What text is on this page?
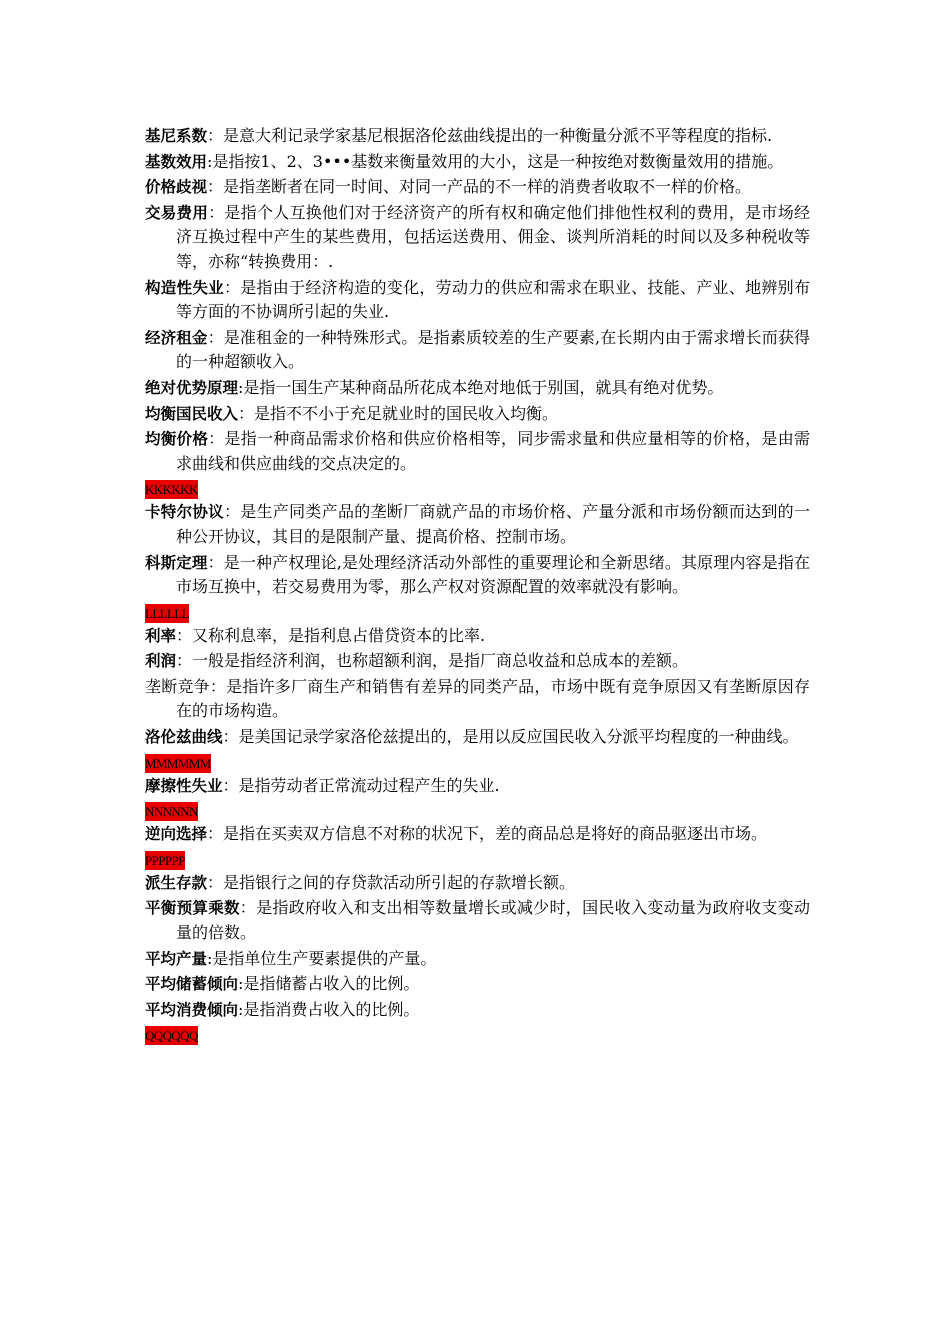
基尼系数：是意大利记录学家基尼根据洛伦兹曲线提出的一种衡量分派不平等程度的指标.

基数效用:是指按1、2、3•••基数来衡量效用的大小，这是一种按绝对数衡量效用的措施。

价格歧视：是指垄断者在同一时间、对同一产品的不一样的消费者收取不一样的价格。

交易费用：是指个人互换他们对于经济资产的所有权和确定他们排他性权利的费用，是市场经济互换过程中产生的某些费用，包括运送费用、佣金、谈判所消耗的时间以及多种税收等等，亦称“转换费用：.

构造性失业：是指由于经济构造的变化，劳动力的供应和需求在职业、技能、产业、地辨别布等方面的不协调所引起的失业.

经济租金：是准租金的一种特殊形式。是指素质较差的生产要素,在长期内由于需求增长而获得的一种超额收入。

绝对优势原理:是指一国生产某种商品所花成本绝对地低于别国，就具有绝对优势。

均衡国民收入：是指不不小于充足就业时的国民收入均衡。

均衡价格：是指一种商品需求价格和供应价格相等，同步需求量和供应量相等的价格，是由需求曲线和供应曲线的交点决定的。

KKKKKK

卡特尔协议：是生产同类产品的垄断厂商就产品的市场价格、产量分派和市场份额而达到的一种公开协议，其目的是限制产量、提高价格、控制市场。

科斯定理：是一种产权理论,是处理经济活动外部性的重要理论和全新思绪。其原理内容是指在市场互换中，若交易费用为零，那么产权对资源配置的效率就没有影响。

LLLLLL

利率：又称利息率，是指利息占借贷资本的比率.

利润：一般是指经济利润，也称超额利润，是指厂商总收益和总成本的差额。

垄断竞争：是指许多厂商生产和销售有差异的同类产品，市场中既有竞争原因又有垄断原因存在的市场构造。

洛伦兹曲线：是美国记录学家洛伦兹提出的，是用以反应国民收入分派平均程度的一种曲线。

MMMMMM

摩擦性失业：是指劳动者正常流动过程产生的失业.

NNNNNN

逆向选择：是指在买卖双方信息不对称的状况下，差的商品总是将好的商品驱逐出市场。

PPPPPP

派生存款：是指银行之间的存贷款活动所引起的存款增长额。

平衡预算乘数：是指政府收入和支出相等数量增长或减少时，国民收入变动量为政府收支变动量的倍数。

平均产量:是指单位生产要素提供的产量。

平均储蓄倾向:是指储蓄占收入的比例。

平均消费倾向:是指消费占收入的比例。

QQQQQQ
